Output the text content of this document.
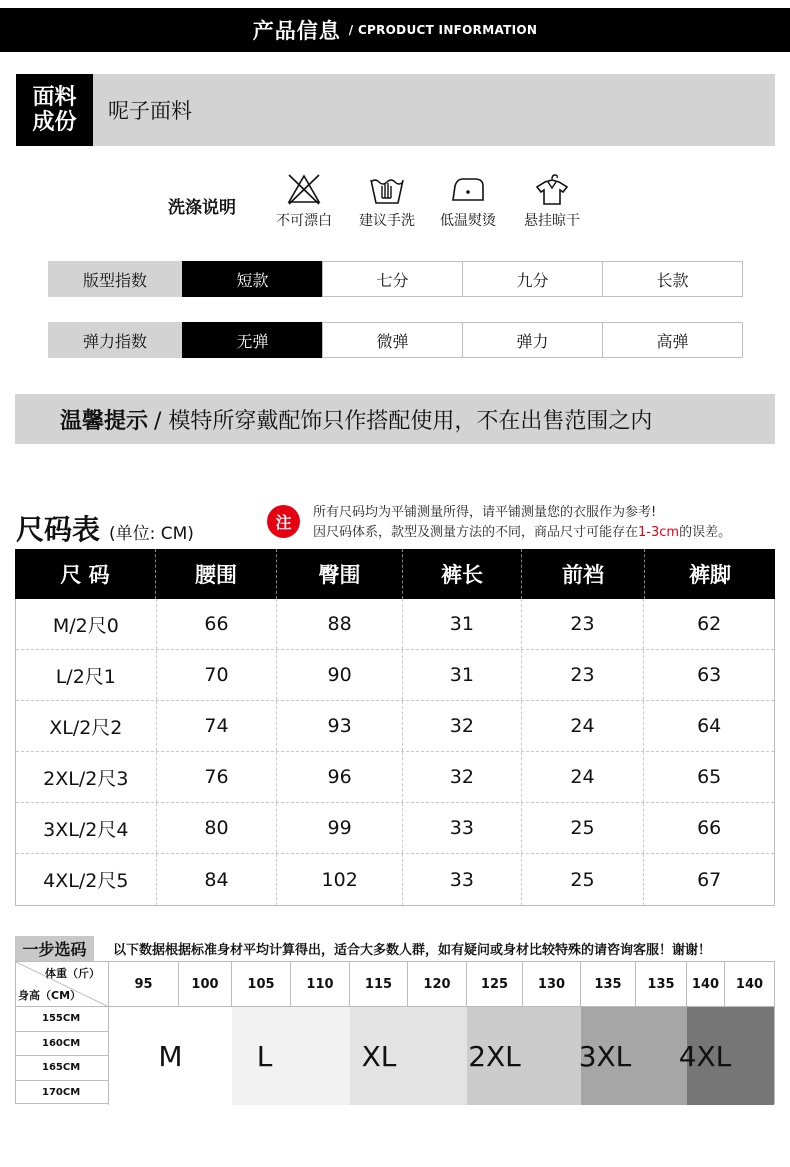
产品信息 / CPRODUCT INFORMATION
面料
成份 呢子面料
洗涤说明
不可漂白	建议手洗	低温熨烫	悬挂晾干
版型指数	短款	七分	九分	长款
弹力指数	无弹	微弹	弹力	高弹
温馨提示 / 模特所穿戴配饰只作搭配使用，不在出售范围之内
尺码表 (单位: CM)
注
所有尺码均为平铺测量所得，请平铺测量您的衣服作为参考!
因尺码体系，款型及测量方法的不同，商品尺寸可能存在1-3cm的误差。
尺 码	腰围	臀围	裤长	前裆	裤脚
M/2尺0	66	88	31	23	62
L/2尺1	70	90	31	23	63
XL/2尺2	74	93	32	24	64
2XL/2尺3	76	96	32	24	65
3XL/2尺4	80	99	33	25	66
4XL/2尺5	84	102	33	25	67
一步选码	以下数据根据标准身材平均计算得出，适合大多数人群，如有疑问或身材比较特殊的请咨询客服！谢谢！
体重（斤）
身高（CM）
95	100	105	110	115	120	125	130	135	135	140	140
155CM
160CM
165CM
170CM
M	L	XL	2XL	3XL	4XL
